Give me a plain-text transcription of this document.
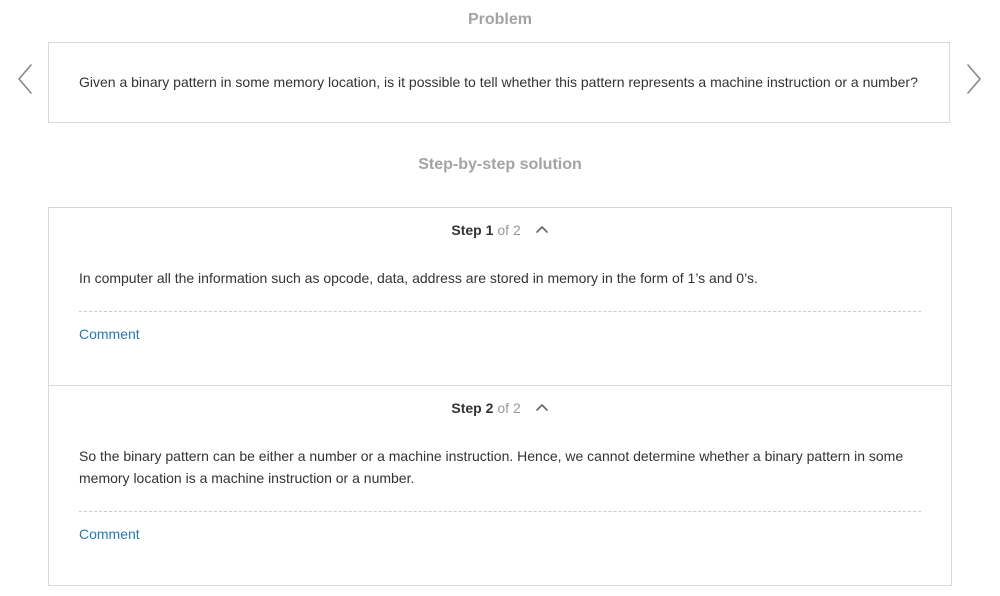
Problem
Given a binary pattern in some memory location, is it possible to tell whether this pattern represents a machine instruction or a number?
Step-by-step solution
Step 1 of 2
In computer all the information such as opcode, data, address are stored in memory in the form of 1’s and 0’s.
Comment
Step 2 of 2
So the binary pattern can be either a number or a machine instruction. Hence, we cannot determine whether a binary pattern in some memory location is a machine instruction or a number.
Comment
